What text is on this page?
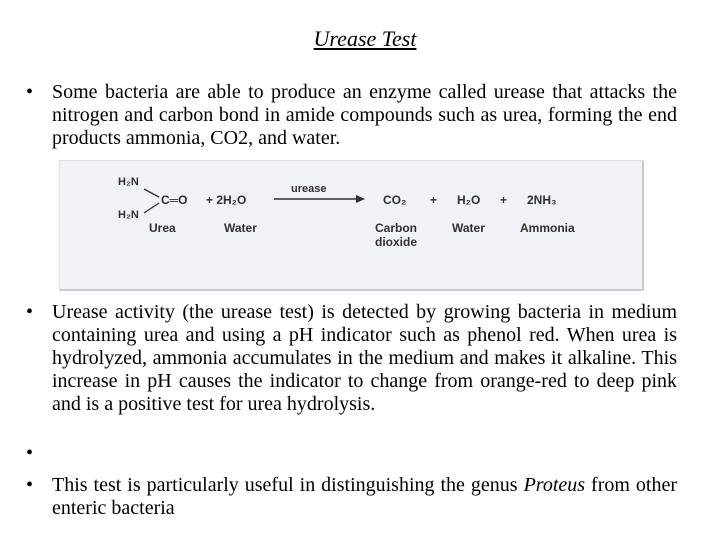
Urease Test
• Some bacteria are able to produce an enzyme called urease that attacks the nitrogen and carbon bond in amide compounds such as urea, forming the end products ammonia, CO2, and water.
• Urease activity (the urease test) is detected by growing bacteria in medium containing urea and using a pH indicator such as phenol red. When urea is hydrolyzed, ammonia accumulates in the medium and makes it alkaline. This increase in pH causes the indicator to change from orange-red to deep pink and is a positive test for urea hydrolysis.
•
• This test is particularly useful in distinguishing the genus Proteus from other enteric bacteria
H₂N
H₂N
C═O + 2H₂O
urease
CO₂ + H₂O + 2NH₃
Urea	Water	Carbon
dioxide
Water	Ammonia
